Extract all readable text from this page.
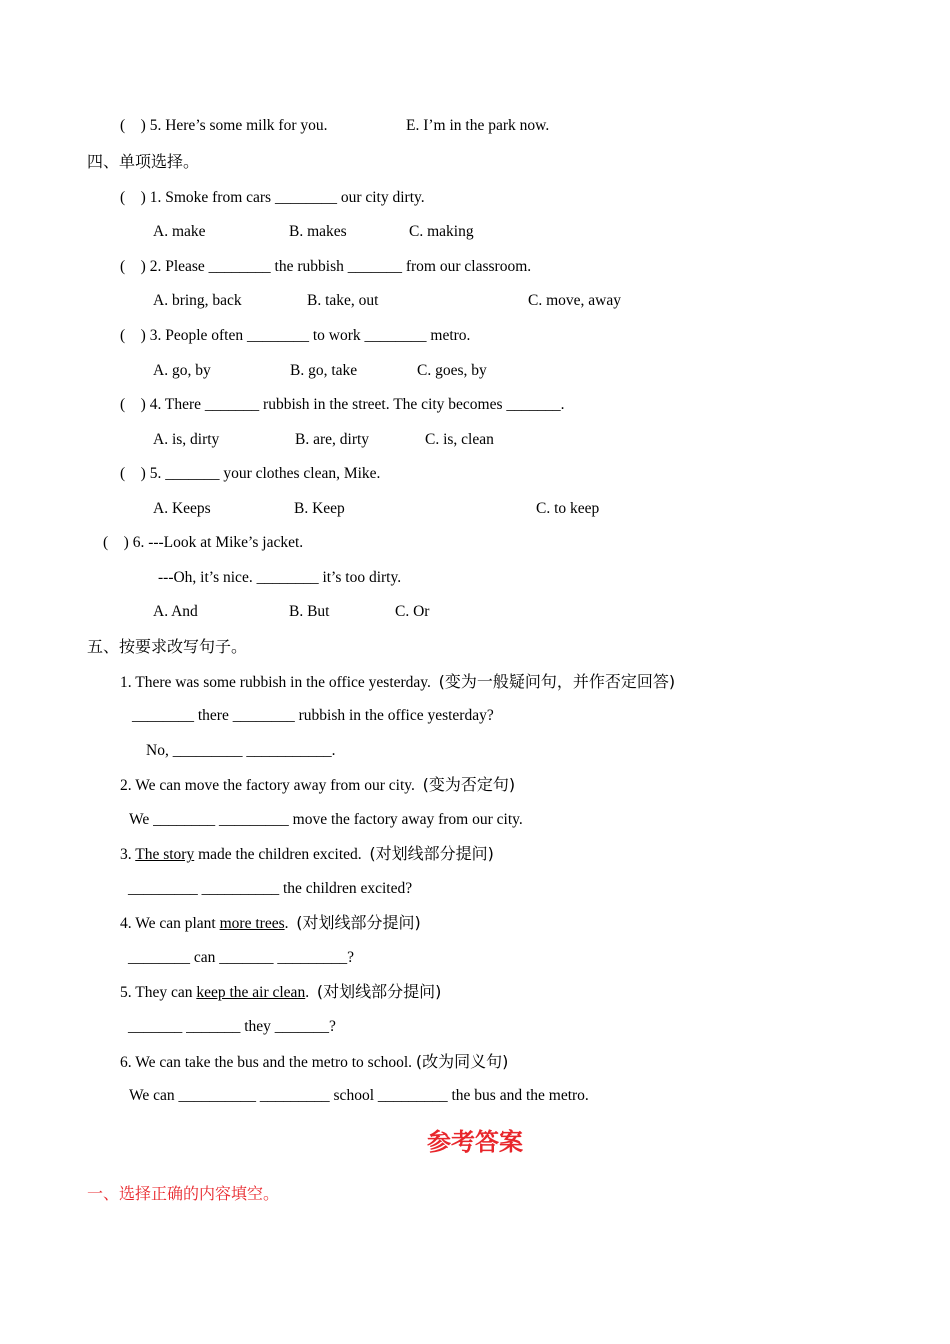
(    ) 5. Here’s some milk for you.	E. I’m in the park now.
四、单项选择。
(    ) 1. Smoke from cars ________ our city dirty.
A. make	B. makes	C. making
(    ) 2. Please ________ the rubbish _______ from our classroom.
A. bring, back	B. take, out	C. move, away
(    ) 3. People often ________ to work ________ metro.
A. go, by	B. go, take	C. goes, by
(    ) 4. There _______ rubbish in the street. The city becomes _______.
A. is, dirty	B. are, dirty	C. is, clean
(    ) 5. _______ your clothes clean, Mike.
A. Keeps	B. Keep	C. to keep
(    ) 6. ---Look at Mike’s jacket.
---Oh, it’s nice. ________ it’s too dirty.
A. And	B. But	C. Or
五、按要求改写句子。
1. There was some rubbish in the office yesterday. (变为一般疑问句，并作否定回答)
________ there ________ rubbish in the office yesterday?
No, _________ ___________.
2. We can move the factory away from our city. (变为否定句)
We ________ _________ move the factory away from our city.
3. The story made the children excited. (对划线部分提问)
_________ __________ the children excited?
4. We can plant more trees. (对划线部分提问)
________ can _______ _________?
5. They can keep the air clean. (对划线部分提问)
_______ _______ they _______?
6. We can take the bus and the metro to school. (改为同义句)
We can __________ _________ school _________ the bus and the metro.
参考答案
一、选择正确的内容填空。
